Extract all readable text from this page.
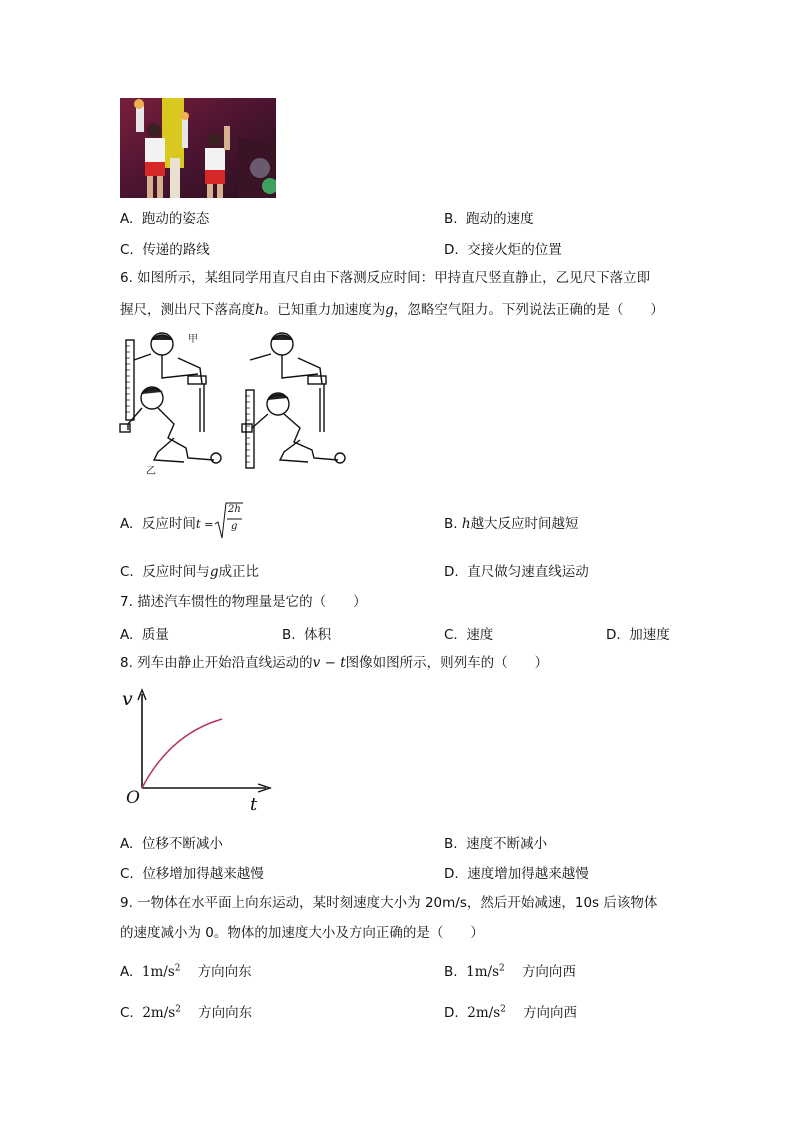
A. 跑动的姿态	B. 跑动的速度
C. 传递的路线	D. 交接火炬的位置
6. 如图所示，某组同学用直尺自由下落测反应时间：甲持直尺竖直静止，乙见尺下落立即
握尺，测出尺下落高度h。已知重力加速度为g，忽略空气阻力。下列说法正确的是（　　）
甲
乙
A. 反应时间t =
2h
g	B. h越大反应时间越短
C. 反应时间与g成正比	D. 直尺做匀速直线运动
7. 描述汽车惯性的物理量是它的（　　）
A. 质量	B. 体积	C. 速度	D. 加速度
8. 列车由静止开始沿直线运动的v − t图像如图所示，则列车的（　　）
v
O	t
A. 位移不断减小	B. 速度不断减小
C. 位移增加得越来越慢	D. 速度增加得越来越慢
9. 一物体在水平面上向东运动，某时刻速度大小为 20m/s，然后开始减速，10s 后该物体
的速度减小为 0。物体的加速度大小及方向正确的是（　　）
A. $1m/s^2$ 方向向东	B. $1m/s^2$ 方向向西
C. $2m/s^2$ 方向向东	D. $2m/s^2$ 方向向西
